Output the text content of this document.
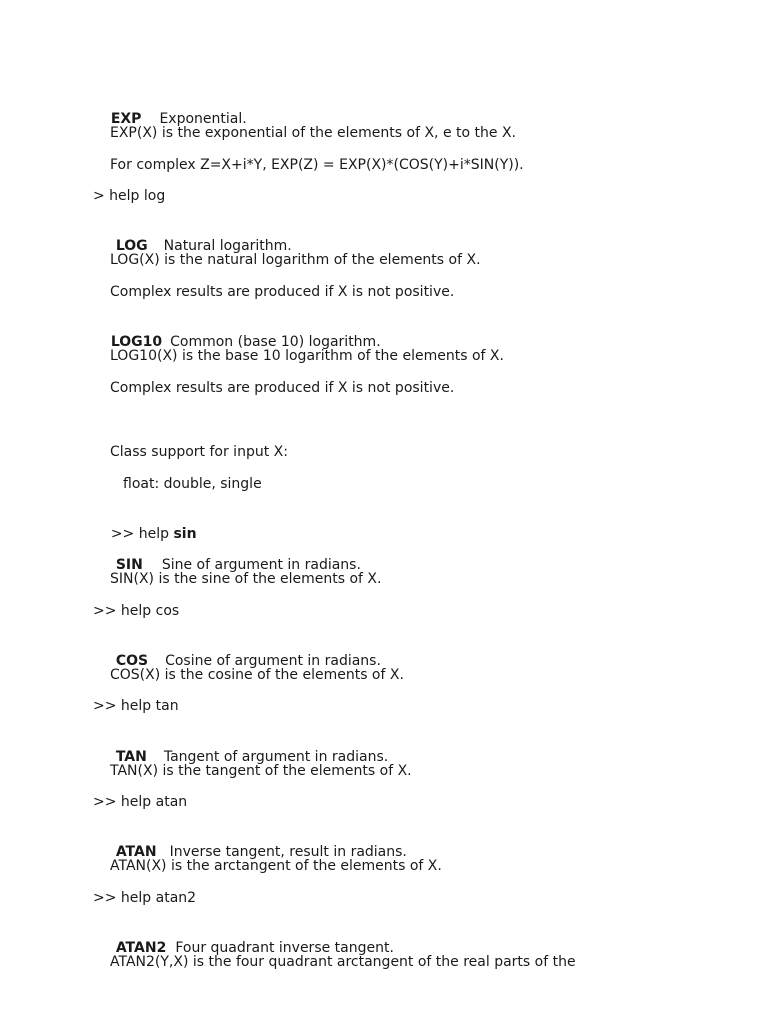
EXP Exponential.

EXP(X) is the exponential of the elements of X, e to the X.
For complex Z=X+i*Y, EXP(Z) = EXP(X)*(COS(Y)+i*SIN(Y)).
> help log

LOG Natural logarithm.

LOG(X) is the natural logarithm of the elements of X.
Complex results are produced if X is not positive.

LOG10 Common (base 10) logarithm.

LOG10(X) is the base 10 logarithm of the elements of X.
Complex results are produced if X is not positive.
Class support for input X:
float: double, single

>> help sin

SIN Sine of argument in radians.

SIN(X) is the sine of the elements of X.
>> help cos

COS Cosine of argument in radians.

COS(X) is the cosine of the elements of X.
>> help tan

TAN Tangent of argument in radians.

TAN(X) is the tangent of the elements of X.
>> help atan

ATAN Inverse tangent, result in radians.

ATAN(X) is the arctangent of the elements of X.
>> help atan2

ATAN2 Four quadrant inverse tangent.

ATAN2(Y,X) is the four quadrant arctangent of the real parts of the
